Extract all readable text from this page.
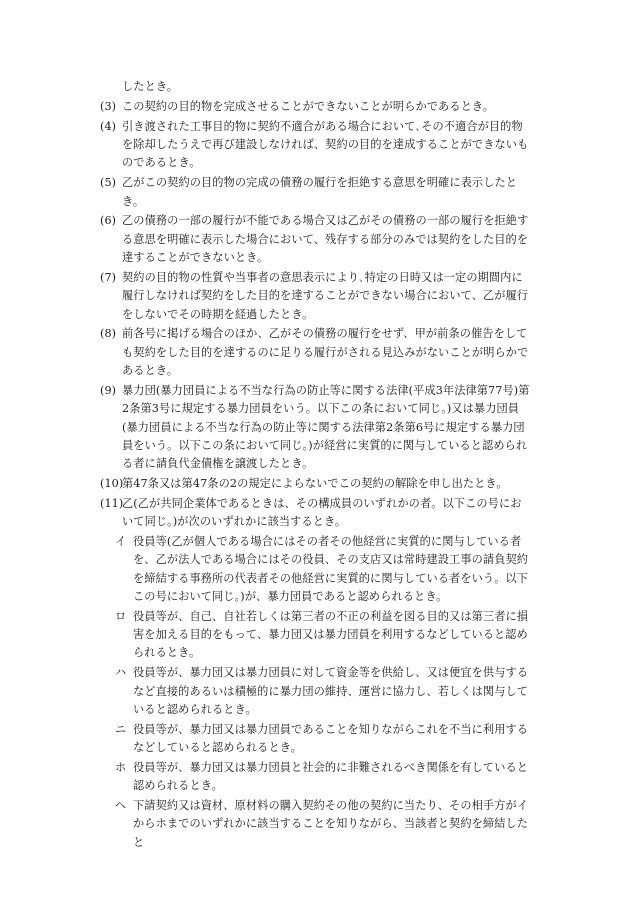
したとき。

(3) この契約の目的物を完成させることができないことが明らかであるとき。

(4) 引き渡された工事目的物に契約不適合がある場合において､その不適合が目的物を除却したうえで再び建設しなければ、契約の目的を達成することができないものであるとき。

(5) 乙がこの契約の目的物の完成の債務の履行を拒絶する意思を明確に表示したとき。

(6) 乙の債務の一部の履行が不能である場合又は乙がその債務の一部の履行を拒絶する意思を明確に表示した場合において、残存する部分のみでは契約をした目的を達することができないとき。

(7) 契約の目的物の性質や当事者の意思表示により､特定の日時又は一定の期間内に履行しなければ契約をした目的を達することができない場合において、乙が履行をしないでその時期を経過したとき。

(8) 前各号に掲げる場合のほか、乙がその債務の履行をせず、甲が前条の催告をしても契約をした目的を達するのに足りる履行がされる見込みがないことが明らかであるとき。

(9) 暴力団(暴力団員による不当な行為の防止等に関する法律(平成3年法律第77号)第2条第3号に規定する暴力団員をいう。以下この条において同じ。)又は暴力団員(暴力団員による不当な行為の防止等に関する法律第2条第6号に規定する暴力団員をいう。以下この条において同じ。)が経営に実質的に関与していると認められる者に請負代金債権を譲渡したとき。

(10)第47条又は第47条の2の規定によらないでこの契約の解除を申し出たとき。

(11)乙(乙が共同企業体であるときは、その構成員のいずれかの者。以下この号において同じ。)が次のいずれかに該当するとき。

イ 役員等(乙が個人である場合にはその者その他経営に実質的に関与している者を、乙が法人である場合にはその役員、その支店又は常時建設工事の請負契約を締結する事務所の代表者その他経営に実質的に関与している者をいう。以下この号において同じ。)が、暴力団員であると認められるとき。

ロ 役員等が、自己、自社若しくは第三者の不正の利益を図る目的又は第三者に損害を加える目的をもって、暴力団又は暴力団員を利用するなどしていると認められるとき。

ハ 役員等が、暴力団又は暴力団員に対して資金等を供給し、又は便宜を供与するなど直接的あるいは積極的に暴力団の維持、運営に協力し、若しくは関与していると認められるとき。

ニ 役員等が、暴力団又は暴力団員であることを知りながらこれを不当に利用するなどしていると認められるとき。

ホ 役員等が、暴力団又は暴力団員と社会的に非難されるべき関係を有していると認められるとき。

ヘ 下請契約又は資材、原材料の購入契約その他の契約に当たり、その相手方がイからホまでのいずれかに該当することを知りながら、当該者と契約を締結したと
